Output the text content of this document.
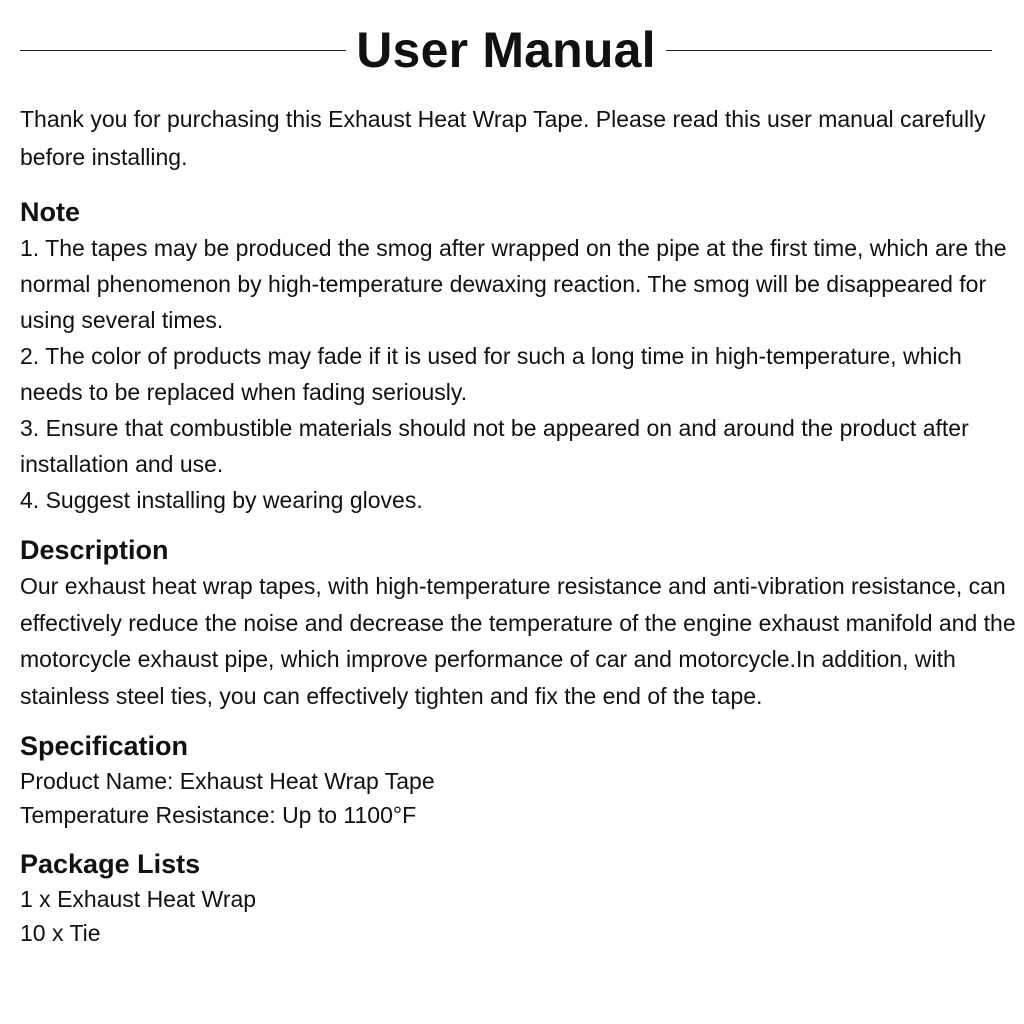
User Manual

Thank you for purchasing this Exhaust Heat Wrap Tape. Please read this user manual carefully before installing.

Note

1. The tapes may be produced the smog after wrapped on the pipe at the first time, which are the normal phenomenon by high-temperature dewaxing reaction. The smog will be disappeared for using several times.

2. The color of products may fade if it is used for such a long time in high-temperature, which needs to be replaced when fading seriously.

3. Ensure that combustible materials should not be appeared on and around the product after installation and use.

4. Suggest installing by wearing gloves.

Description

Our exhaust heat wrap tapes, with high-temperature resistance and anti-vibration resistance, can effectively reduce the noise and decrease the temperature of the engine exhaust manifold and the motorcycle exhaust pipe, which improve performance of car and motorcycle.In addition, with stainless steel ties, you can effectively tighten and fix the end of the tape.

Specification

Product Name: Exhaust Heat Wrap Tape

Temperature Resistance: Up to 1100°F

Package Lists

1 x Exhaust Heat Wrap

10 x Tie
